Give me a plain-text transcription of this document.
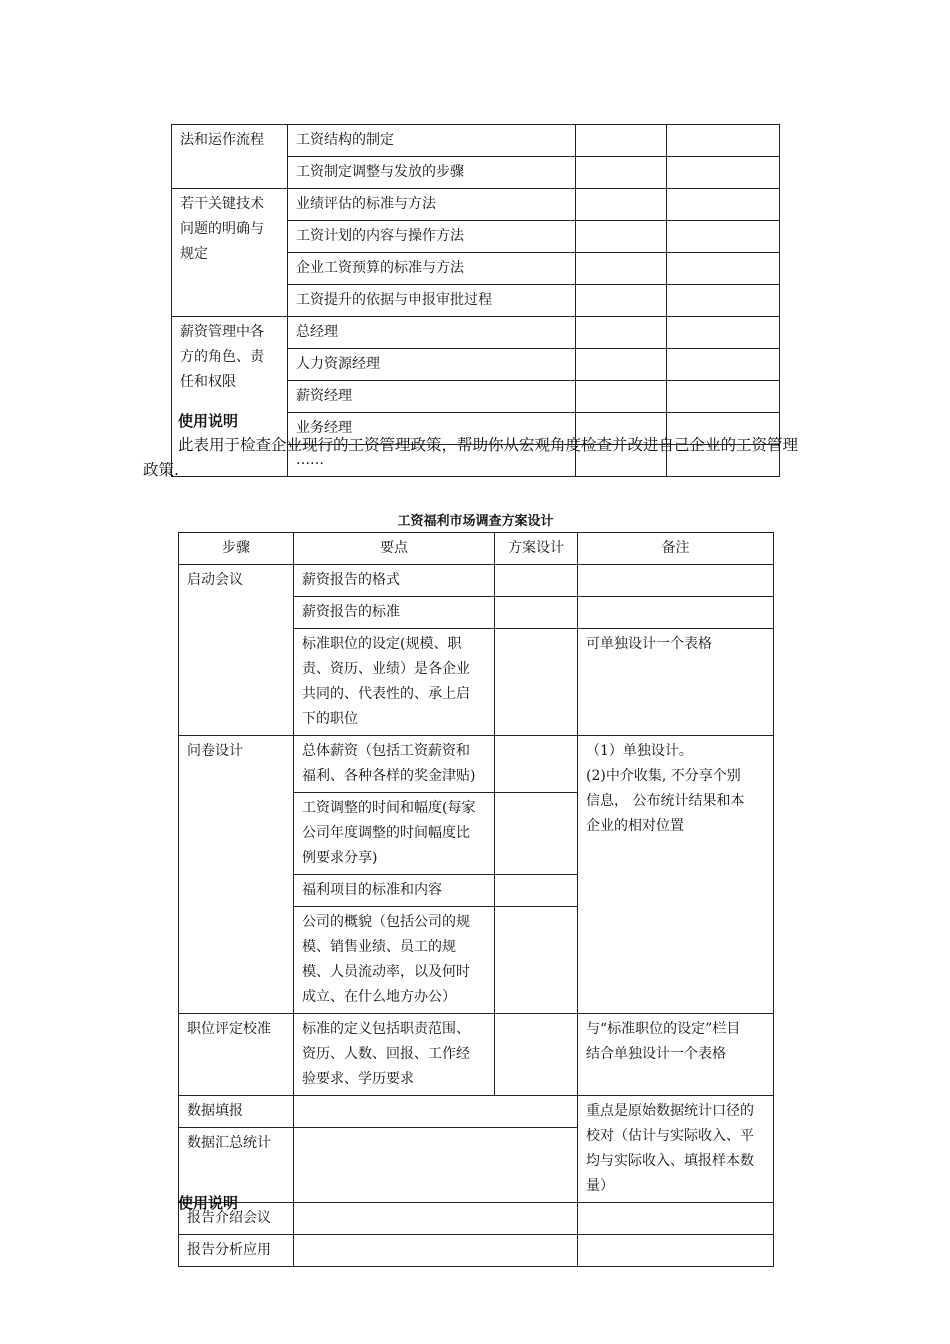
法和运作流程	工资结构的制定		
	工资制定调整与发放的步骤		

若干关键技术
问题的明确与
规定	业绩评估的标准与方法		
	工资计划的内容与操作方法		
	企业工资预算的标准与方法		
	工资提升的依据与申报审批过程		

薪资管理中各
方的角色、责
任和权限	总经理		
	人力资源经理		
	薪资经理		
	业务经理		
	……		
使用说明

此表用于检查企业现行的工资管理政策，帮助你从宏观角度检查并改进自己企业的工资管理政策.

工资福利市场调查方案设计
步骤	要点	方案设计	备注
启动会议	薪资报告的格式		
	薪资报告的标准		

	标准职位的设定(规模、职
责、资历、业绩）是各企业
共同的、代表性的、承上启
下的职位		可单独设计一个表格
问卷设计	总体薪资（包括工资薪资和
福利、各种各样的奖金津贴)		（1）单独设计。
(2)中介收集, 不分享个别
信息， 公布统计结果和本
企业的相对位置

	工资调整的时间和幅度(每家
公司年度调整的时间幅度比
例要求分享)		

	福利项目的标准和内容		

	公司的概貌（包括公司的规
模、销售业绩、员工的规
模、人员流动率，以及何时
成立、在什么地方办公）		

职位评定校准	标准的定义包括职责范围、
资历、人数、回报、工作经
验要求、学历要求		与“标准职位的设定”栏目
结合单独设计一个表格

数据填报			重点是原始数据统计口径的
校对（估计与实际收入、平
均与实际收入、填报样本数
量）

数据汇总统计			
报告介绍会议			
报告分析应用			
使用说明
